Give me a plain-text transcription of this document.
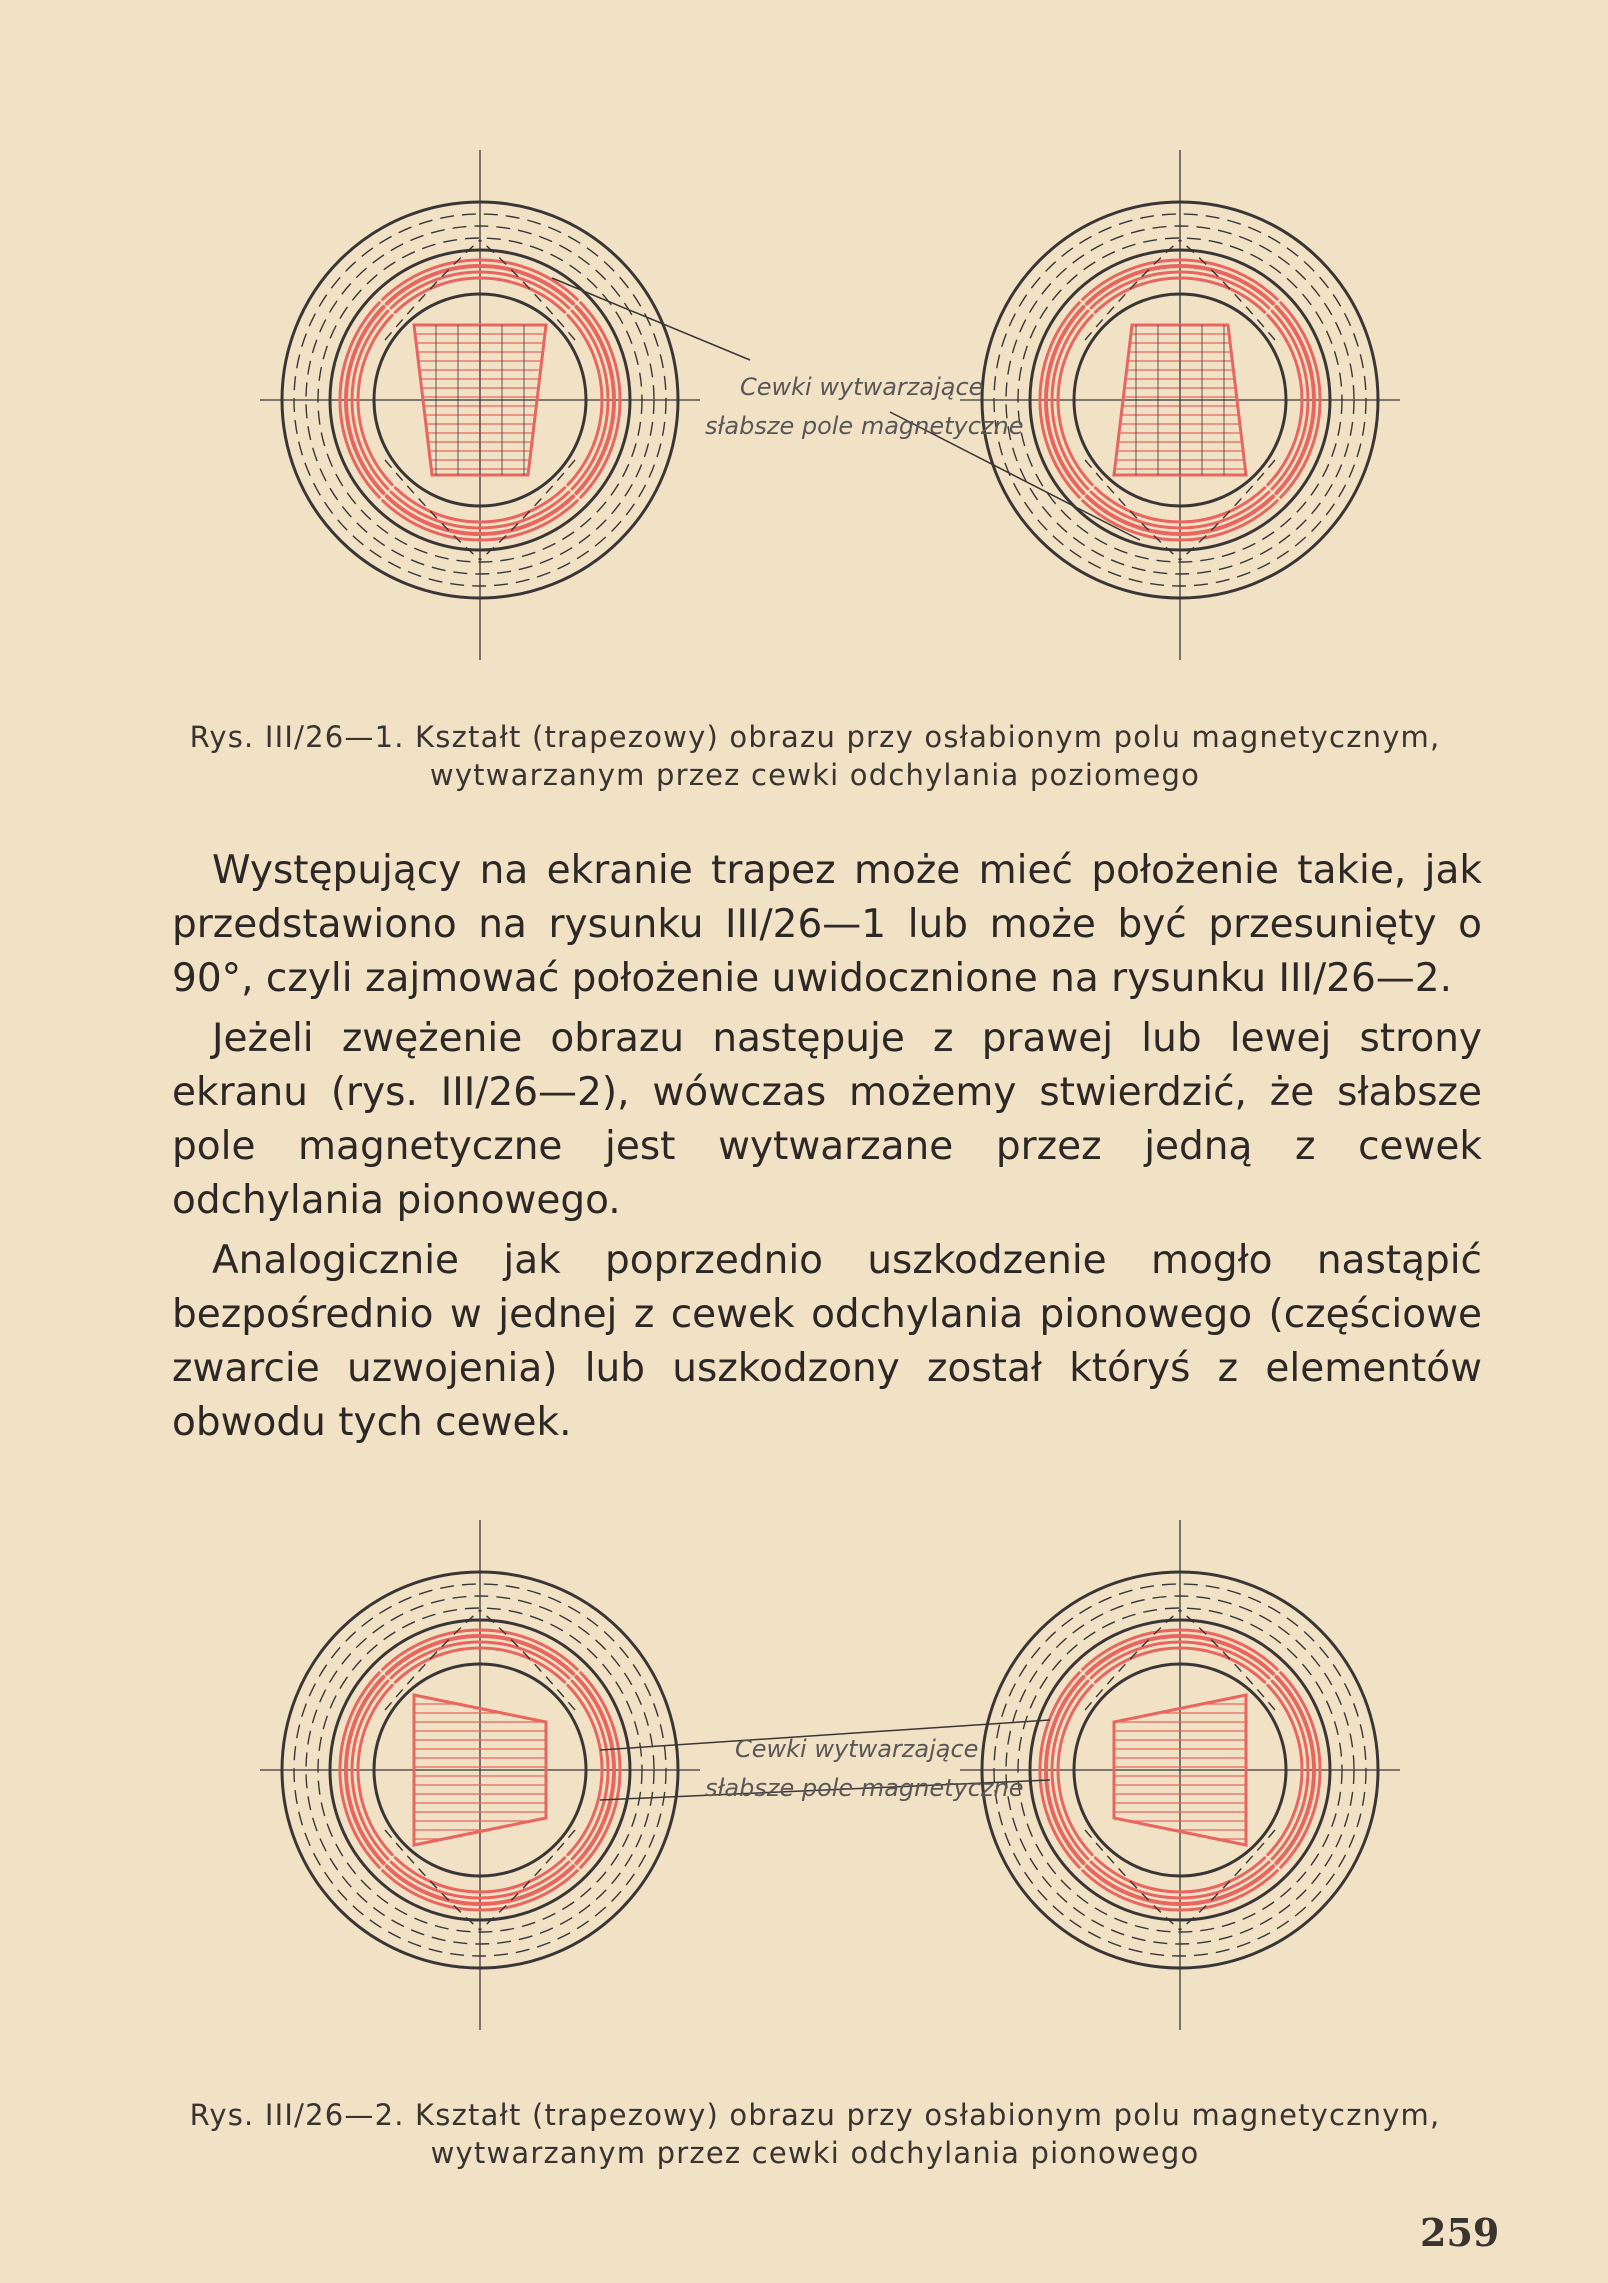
Cewki wytwarzające
słabsze pole magnetyczne
Rys. III/26—1. Kształt (trapezowy) obrazu przy osłabionym polu magnetycznym, wytwarzanym przez cewki odchylania poziomego

Występujący na ekranie trapez może mieć położenie takie, jak przedstawiono na rysunku III/26—1 lub może być przesunięty o 90°, czyli zajmować położenie uwidocznione na rysunku III/26—2.

Jeżeli zwężenie obrazu następuje z prawej lub lewej strony ekranu (rys. III/26—2), wówczas możemy stwierdzić, że słabsze pole magnetyczne jest wytwarzane przez jedną z cewek odchylania pionowego.

Analogicznie jak poprzednio uszkodzenie mogło nastąpić bezpośrednio w jednej z cewek odchylania pionowego (częściowe zwarcie uzwojenia) lub uszkodzony został któryś z elementów obwodu tych cewek.

Cewki wytwarzające
słabsze pole magnetyczne
Rys. III/26—2. Kształt (trapezowy) obrazu przy osłabionym polu magnetycznym, wytwarzanym przez cewki odchylania pionowego
259
